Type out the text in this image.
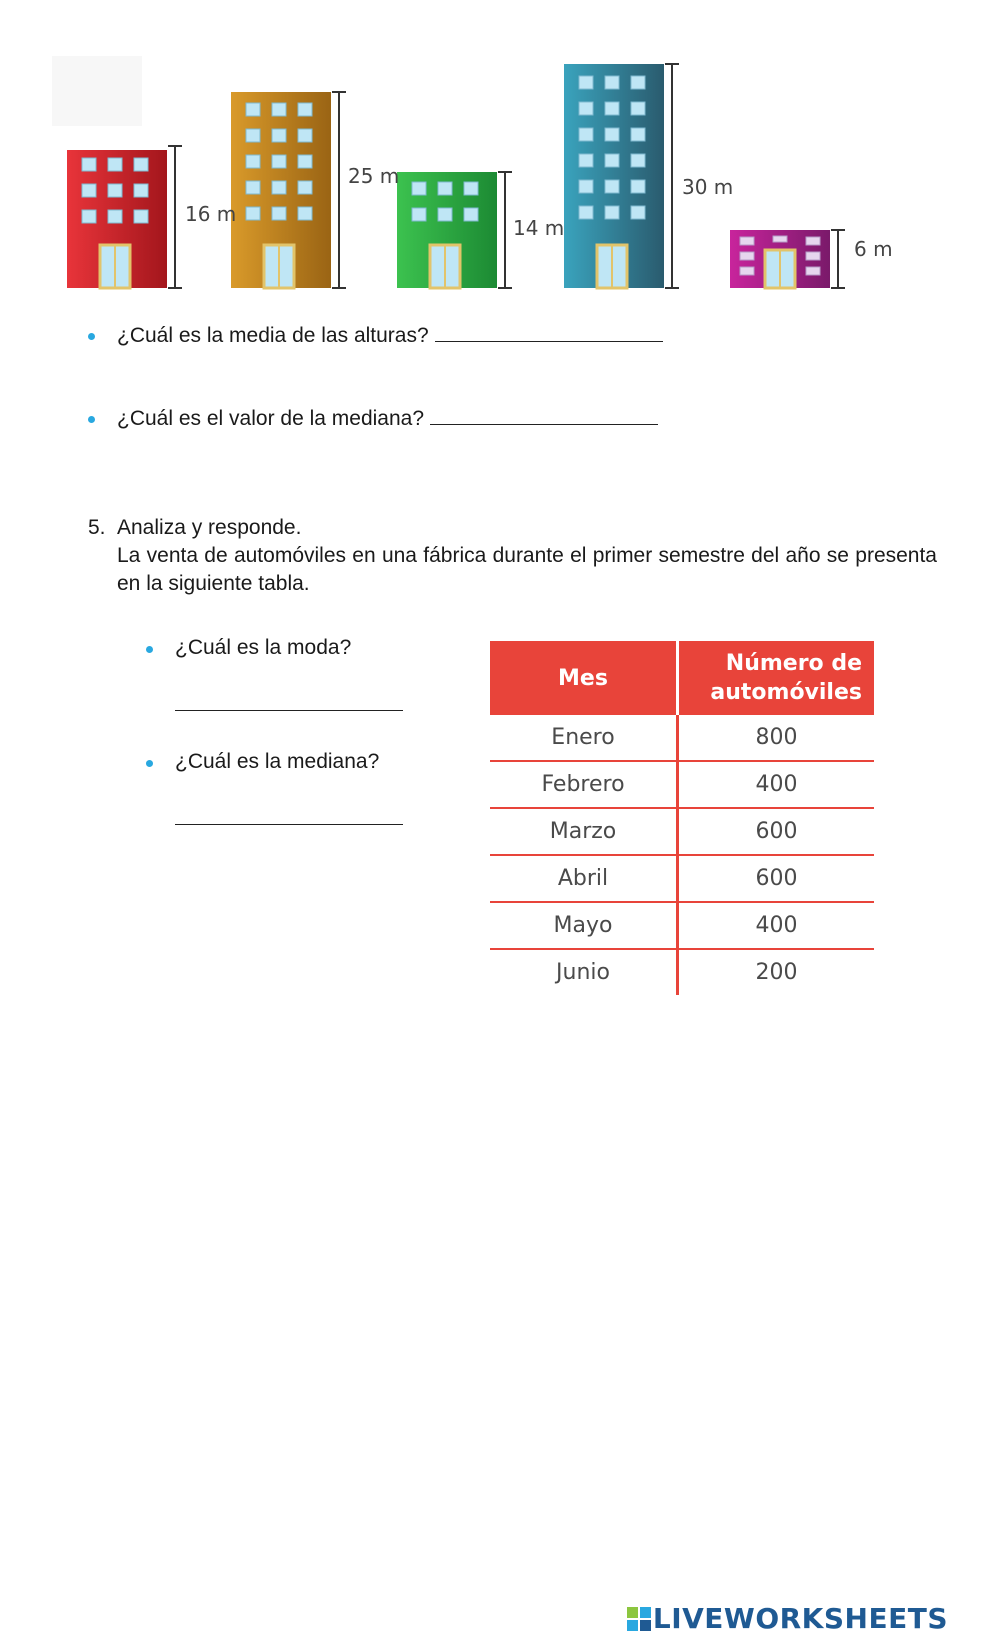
16 m
25 m
14 m
30 m
6 m
¿Cuál es la media de las alturas?
¿Cuál es el valor de la mediana?
5. Analiza y responde.
La venta de automóviles en una fábrica durante el primer semestre del año se presenta en la siguiente tabla.
¿Cuál es la moda?
¿Cuál es la mediana?
Mes	Número de
automóviles
Enero	800
Febrero	400
Marzo	600
Abril	600
Mayo	400
Junio	200
LIVEWORKSHEETS
